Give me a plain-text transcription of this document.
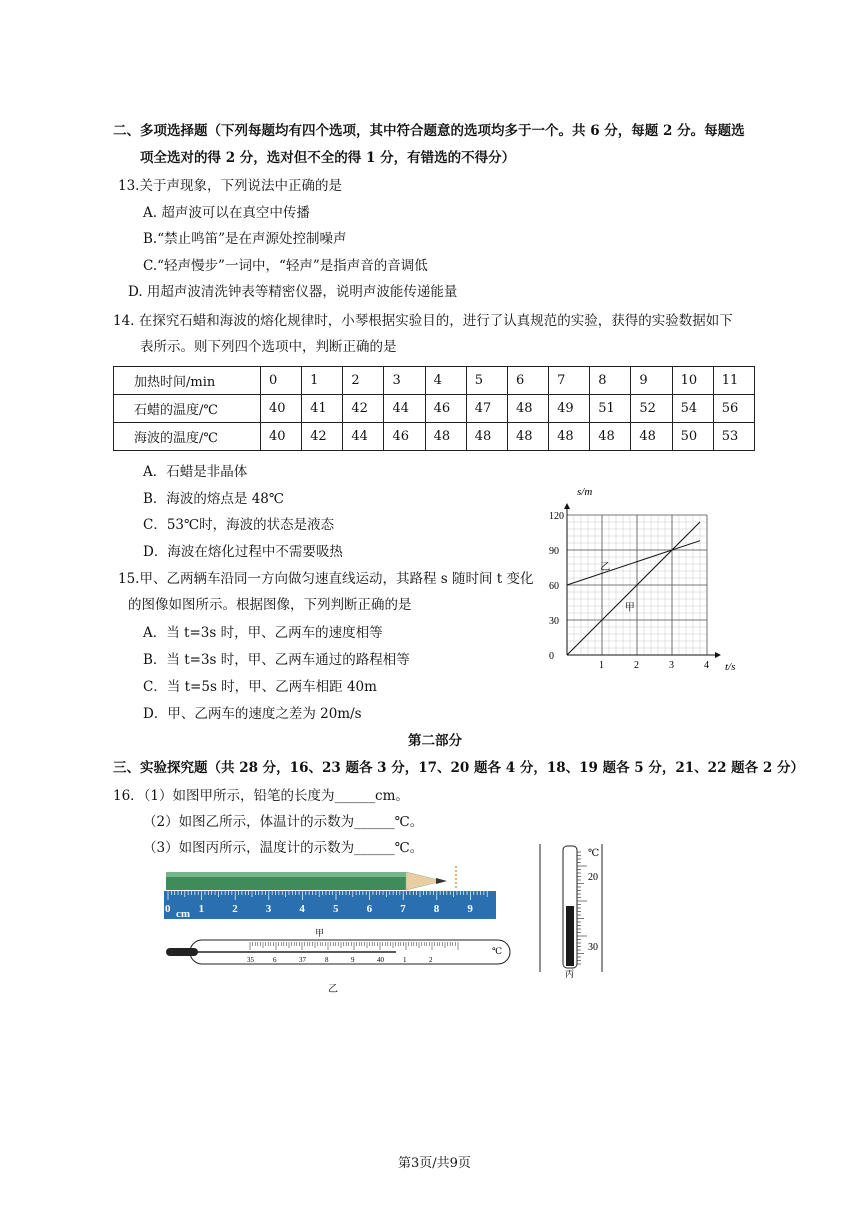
二、多项选择题（下列每题均有四个选项，其中符合题意的选项均多于一个。共 6 分，每题 2 分。每题选
项全选对的得 2 分，选对但不全的得 1 分，有错选的不得分）
13.关于声现象，下列说法中正确的是
A. 超声波可以在真空中传播
B.“禁止鸣笛”是在声源处控制噪声
C.“轻声慢步”一词中，“轻声”是指声音的音调低
D. 用超声波清洗钟表等精密仪器，说明声波能传递能量
14. 在探究石蜡和海波的熔化规律时，小琴根据实验目的，进行了认真规范的实验，获得的实验数据如下
表所示。则下列四个选项中，判断正确的是
加热时间/min	0	1	2	3	4	5	6	7	8	9	10	11
石蜡的温度/℃	40	41	42	44	46	47	48	49	51	52	54	56
海波的温度/℃	40	42	44	46	48	48	48	48	48	48	50	53
A．石蜡是非晶体
B．海波的熔点是 48℃
C．53℃时，海波的状态是液态
D．海波在熔化过程中不需要吸热
15.甲、乙两辆车沿同一方向做匀速直线运动，其路程 s 随时间 t 变化
的图像如图所示。根据图像，下列判断正确的是
A．当 t=3s 时，甲、乙两车的速度相等
B．当 t=3s 时，甲、乙两车通过的路程相等
C．当 t=5s 时，甲、乙两车相距 40m
D．甲、乙两车的速度之差为 20m/s
甲
乙
1	2	3	4
0
30
60
90
120
s/m
t/s
第二部分
三、实验探究题（共 28 分，16、23 题各 3 分，17、20 题各 4 分，18、19 题各 5 分，21、22 题各 2 分）
16．（1）如图甲所示，铅笔的长度为______cm。
（2）如图乙所示，体温计的示数为______℃。
（3）如图丙所示，温度计的示数为______℃。
0	1	2	3	4	5	6	7	8	9
cm
甲
35	6	37	8	9	40	1	2
℃
乙
℃
20
30
丙
第3页/共9页
